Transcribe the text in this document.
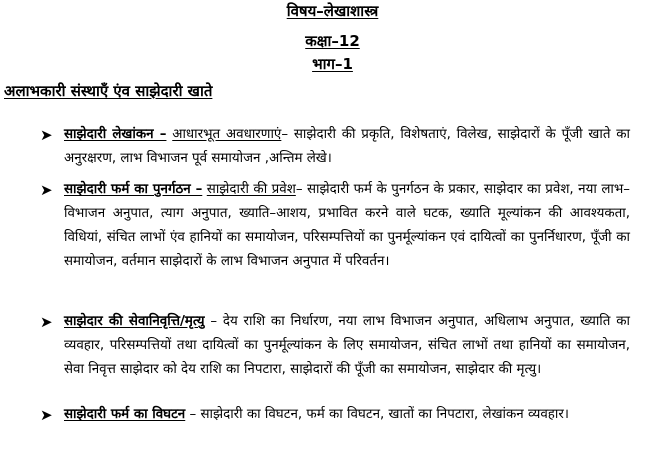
विषय–लेखाशास्त्र
कक्षा–12
भाग–1
अलाभकारी संस्थाएँ एंव साझेदारी खाते
➤ साझेदारी लेखांकन – आधारभूत अवधारणाएं– साझेदारी की प्रकृति, विशेषताएं, विलेख, साझेदारों के पूँजी खाते का अनुरक्षरण, लाभ विभाजन पूर्व समायोजन ,अन्तिम लेखे।
➤ साझेदारी फर्म का पुनर्गठन – साझेदारी की प्रवेश– साझेदारी फर्म के पुनर्गठन के प्रकार, साझेदार का प्रवेश, नया लाभ–विभाजन अनुपात, त्याग अनुपात, ख्याति–आशय, प्रभावित करने वाले घटक, ख्याति मूल्यांकन की आवश्यकता, विधियां, संचित लाभों एंव हानियों का समायोजन, परिसम्पत्तियों का पुनर्मूल्यांकन एवं दायित्वों का पुनर्निधारण, पूँजी का समायोजन, वर्तमान साझेदारों के लाभ विभाजन अनुपात में परिवर्तन।
➤ साझेदार की सेवानिवृत्ति/मृत्यु – देय राशि का निर्धारण, नया लाभ विभाजन अनुपात, अधिलाभ अनुपात, ख्याति का व्यवहार, परिसम्पत्तियों तथा दायित्वों का पुनर्मूल्यांकन के लिए समायोजन, संचित लाभों तथा हानियों का समायोजन, सेवा निवृत्त साझेदार को देय राशि का निपटारा, साझेदारों की पूँजी का समायोजन, साझेदार की मृत्यु।
➤ साझेदारी फर्म का विघटन – साझेदारी का विघटन, फर्म का विघटन, खातों का निपटारा, लेखांकन व्यवहार।
